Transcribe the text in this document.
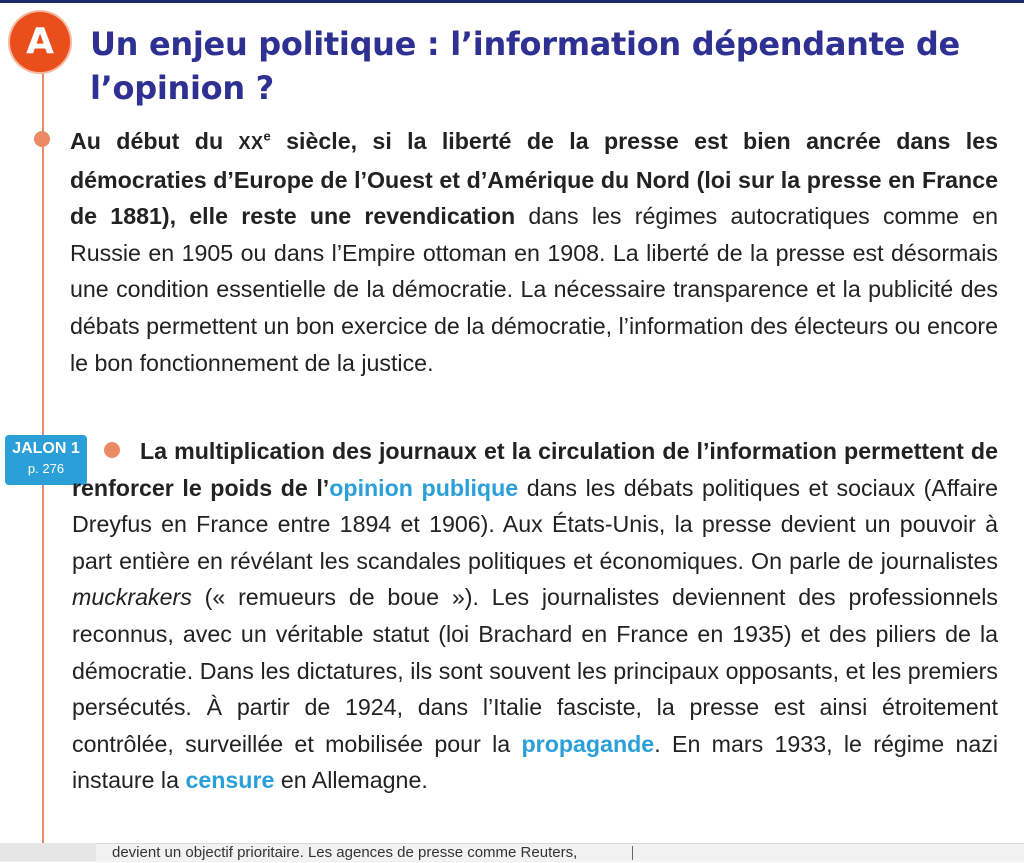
A	Un enjeu politique : l’information dépendante de l’opinion ?

Au début du XXe siècle, si la liberté de la presse est bien ancrée dans les démocraties d’Europe de l’Ouest et d’Amérique du Nord (loi sur la presse en France de 1881), elle reste une revendication dans les régimes autocratiques comme en Russie en 1905 ou dans l’Empire ottoman en 1908. La liberté de la presse est désormais une condition essentielle de la démocratie. La nécessaire transparence et la publicité des débats permettent un bon exercice de la démocratie, l’information des électeurs ou encore le bon fonctionnement de la justice.

JALON 1
p. 276

La multiplication des journaux et la circulation de l’information permettent de renforcer le poids de l’opinion publique dans les débats politiques et sociaux (Affaire Dreyfus en France entre 1894 et 1906). Aux États-Unis, la presse devient un pouvoir à part entière en révélant les scandales politiques et économiques. On parle de journalistes muckrakers (« remueurs de boue »). Les journalistes deviennent des professionnels reconnus, avec un véritable statut (loi Brachard en France en 1935) et des piliers de la démocratie. Dans les dictatures, ils sont souvent les principaux opposants, et les premiers persécutés. À partir de 1924, dans l’Italie fasciste, la presse est ainsi étroitement contrôlée, surveillée et mobilisée pour la propagande. En mars 1933, le régime nazi instaure la censure en Allemagne.

devient un objectif prioritaire. Les agences de presse comme Reuters,
